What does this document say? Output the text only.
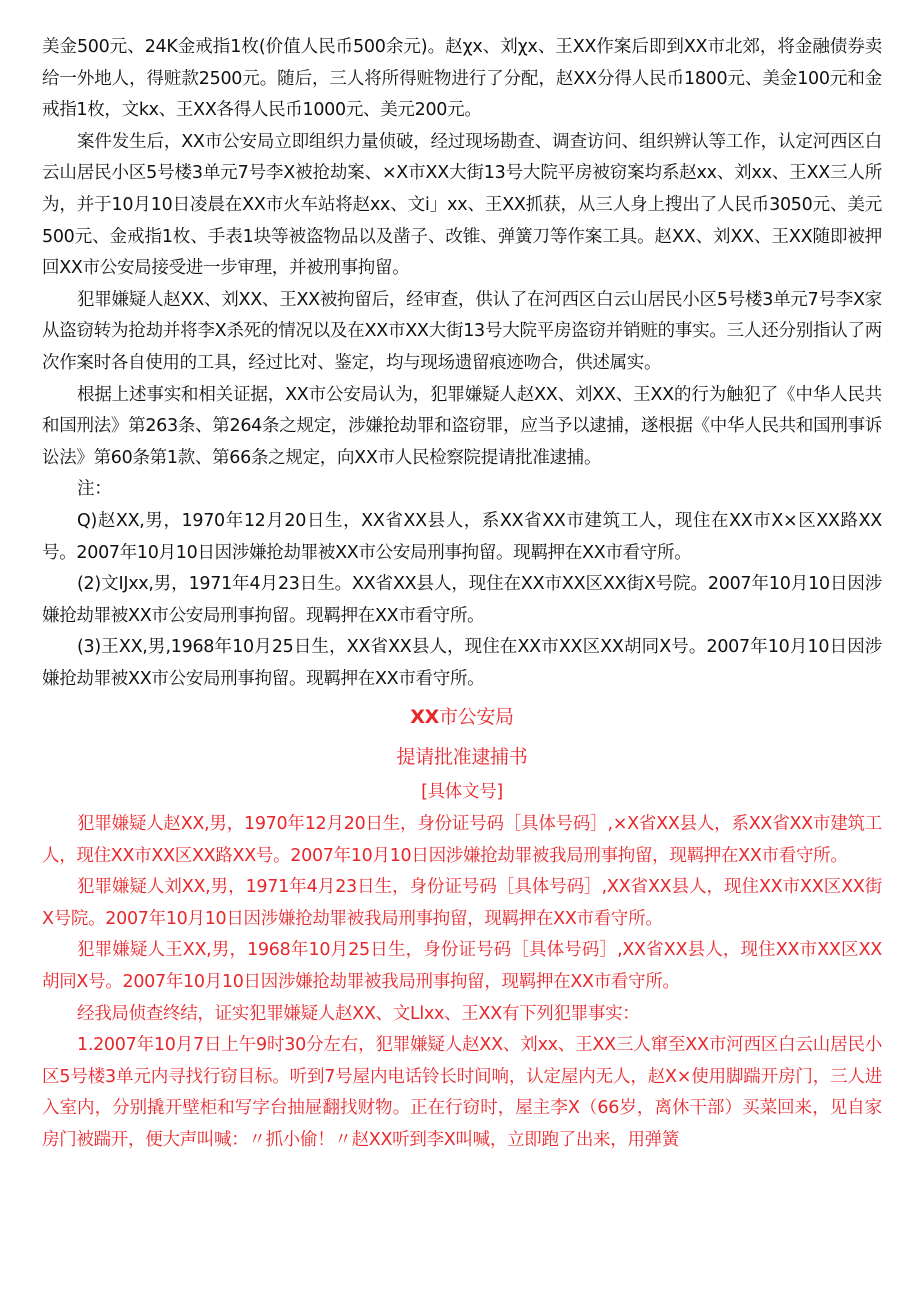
美金500元、24K金戒指1枚(价值人民币500余元)。赵χx、刘χx、王XX作案后即到XX市北郊，将金融债券卖给一外地人，得赃款2500元。随后，三人将所得赃物进行了分配，赵XX分得人民币1800元、美金100元和金戒指1枚，文kx、王XX各得人民币1000元、美元200元。

案件发生后，XX市公安局立即组织力量侦破，经过现场勘查、调查访问、组织辨认等工作，认定河西区白云山居民小区5号楼3单元7号李X被抢劫案、×X市XX大街13号大院平房被窃案均系赵xx、刘xx、王XX三人所为，并于10月10日凌晨在XX市火车站将赵xx、文i」xx、王XX抓获，从三人身上搜出了人民币3050元、美元500元、金戒指1枚、手表1块等被盗物品以及凿子、改锥、弹簧刀等作案工具。赵XX、刘XX、王XX随即被押回XX市公安局接受进一步审理，并被刑事拘留。

犯罪嫌疑人赵XX、刘XX、王XX被拘留后，经审查，供认了在河西区白云山居民小区5号楼3单元7号李X家从盗窃转为抢劫并将李X杀死的情况以及在XX市XX大街13号大院平房盗窃并销赃的事实。三人还分别指认了两次作案时各自使用的工具，经过比对、鉴定，均与现场遗留痕迹吻合，供述属实。

根据上述事实和相关证据，XX市公安局认为，犯罪嫌疑人赵XX、刘XX、王XX的行为触犯了《中华人民共和国刑法》第263条、第264条之规定，涉嫌抢劫罪和盗窃罪，应当予以逮捕，遂根据《中华人民共和国刑事诉讼法》第60条第1款、第66条之规定，向XX市人民检察院提请批准逮捕。

注：

Q)赵XX,男，1970年12月20日生，XX省XX县人，系XX省XX市建筑工人，现住在XX市X×区XX路XX号。2007年10月10日因涉嫌抢劫罪被XX市公安局刑事拘留。现羁押在XX市看守所。

(2)文IJxx,男，1971年4月23日生。XX省XX县人，现住在XX市XX区XX街X号院。2007年10月10日因涉嫌抢劫罪被XX市公安局刑事拘留。现羁押在XX市看守所。

(3)王XX,男,1968年10月25日生，XX省XX县人，现住在XX市XX区XX胡同X号。2007年10月10日因涉嫌抢劫罪被XX市公安局刑事拘留。现羁押在XX市看守所。

XX市公安局

提请批准逮捕书

[具体文号]

犯罪嫌疑人赵XX,男，1970年12月20日生，身份证号码［具体号码］,×X省XX县人，系XX省XX市建筑工人，现住XX市XX区XX路XX号。2007年10月10日因涉嫌抢劫罪被我局刑事拘留，现羁押在XX市看守所。

犯罪嫌疑人刘XX,男，1971年4月23日生，身份证号码［具体号码］,XX省XX县人，现住XX市XX区XX街X号院。2007年10月10日因涉嫌抢劫罪被我局刑事拘留，现羁押在XX市看守所。

犯罪嫌疑人王XX,男，1968年10月25日生，身份证号码［具体号码］,XX省XX县人，现住XX市XX区XX胡同X号。2007年10月10日因涉嫌抢劫罪被我局刑事拘留，现羁押在XX市看守所。

经我局侦查终结，证实犯罪嫌疑人赵XX、文Llxx、王XX有下列犯罪事实：

1.2007年10月7日上午9时30分左右，犯罪嫌疑人赵XX、刘xx、王XX三人窜至XX市河西区白云山居民小区5号楼3单元内寻找行窃目标。听到7号屋内电话铃长时间响，认定屋内无人，赵X×使用脚踹开房门，三人进入室内，分别撬开壁柜和写字台抽屉翻找财物。正在行窃时，屋主李X（66岁，离休干部）买菜回来，见自家房门被踹开，便大声叫喊：〃抓小偷！〃赵XX听到李X叫喊，立即跑了出来，用弹簧
